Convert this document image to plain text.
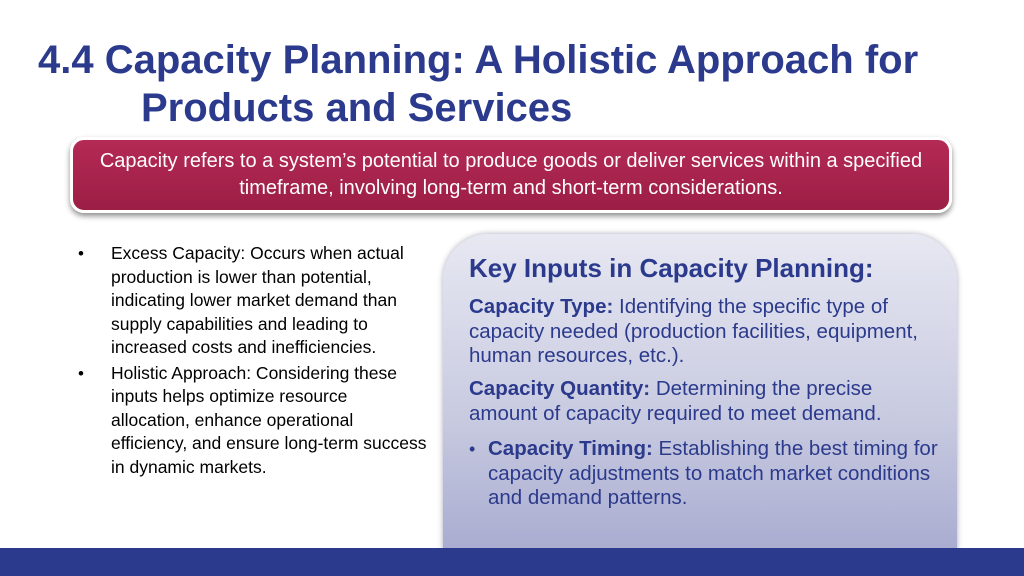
4.4 Capacity Planning: A Holistic Approach for
Products and Services
Capacity refers to a system’s potential to produce goods or deliver services within a specified timeframe, involving long-term and short-term considerations.
• Excess Capacity: Occurs when actual production is lower than potential, indicating lower market demand than supply capabilities and leading to increased costs and inefficiencies.
• Holistic Approach: Considering these inputs helps optimize resource allocation, enhance operational efficiency, and ensure long-term success in dynamic markets.
Key Inputs in Capacity Planning:
Capacity Type: Identifying the specific type of capacity needed (production facilities, equipment, human resources, etc.).
Capacity Quantity: Determining the precise amount of capacity required to meet demand.
• Capacity Timing: Establishing the best timing for capacity adjustments to match market conditions and demand patterns.
